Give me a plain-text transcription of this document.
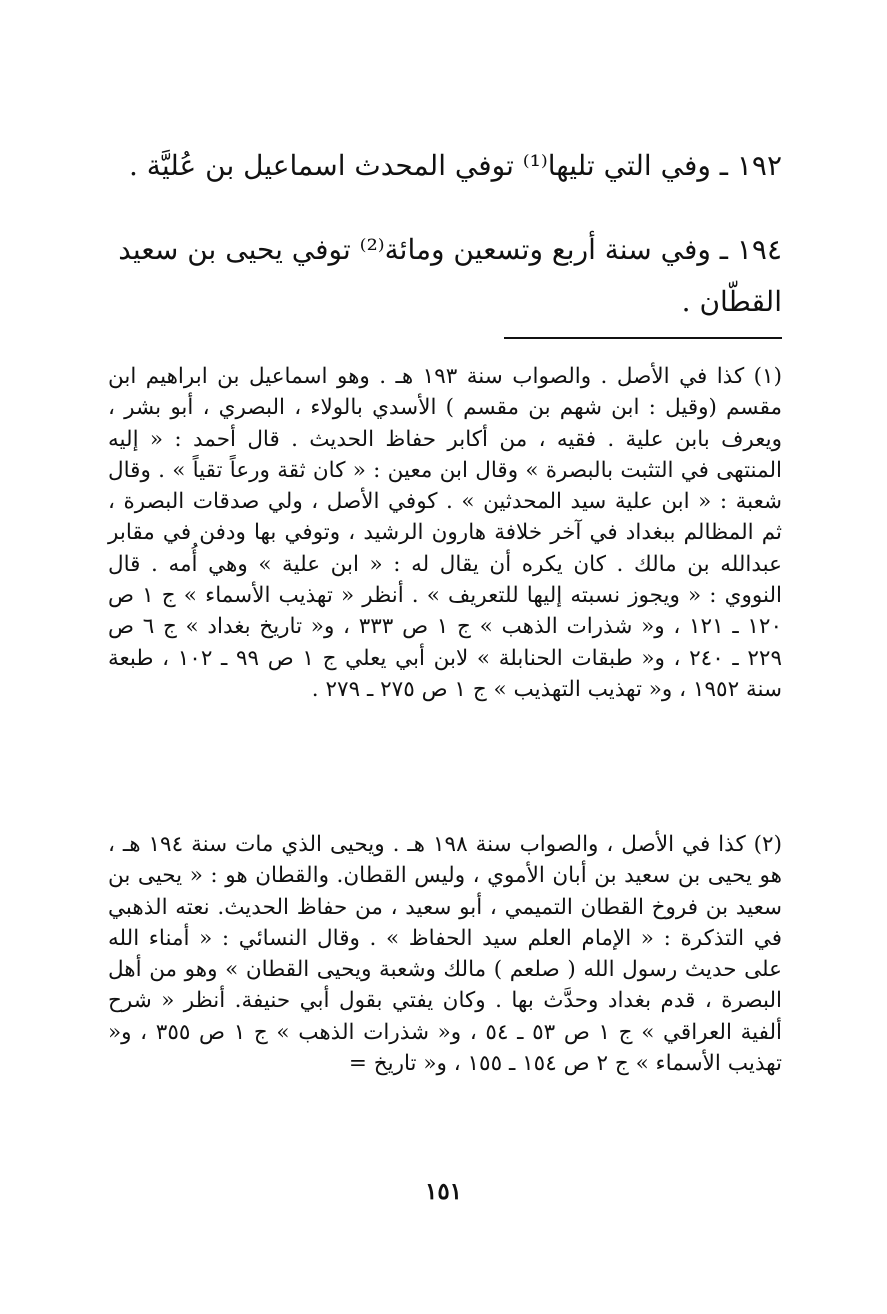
١٩٢ ـ وفي التي تليها⁽¹⁾ توفي المحدث اسماعيل بن عُليَّة .

١٩٤ ـ وفي سنة أربع وتسعين ومائة⁽²⁾ توفي يحيى بن سعيد القطّان .

(١) كذا في الأصل . والصواب سنة ١٩٣ هـ . وهو اسماعيل بن ابراهيم ابن مقسم (وقيل : ابن شهم بن مقسم ) الأسدي بالولاء ، البصري ، أبو بشر ، ويعرف بابن علية . فقيه ، من أكابر حفاظ الحديث . قال أحمد : « إليه المنتهى في التثبت بالبصرة » وقال ابن معين : « كان ثقة ورعاً تقياً » . وقال شعبة : « ابن علية سيد المحدثين » . كوفي الأصل ، ولي صدقات البصرة ، ثم المظالم ببغداد في آخر خلافة هارون الرشيد ، وتوفي بها ودفن في مقابر عبدالله بن مالك . كان يكره أن يقال له : « ابن علية » وهي أُمه . قال النووي : « ويجوز نسبته إليها للتعريف » . أنظر « تهذيب الأسماء » ج ١ ص ١٢٠ ـ ١٢١ ، و« شذرات الذهب » ج ١ ص ٣٣٣ ، و« تاريخ بغداد » ج ٦ ص ٢٢٩ ـ ٢٤٠ ، و« طبقات الحنابلة » لابن أبي يعلي ج ١ ص ٩٩ ـ ١٠٢ ، طبعة سنة ١٩٥٢ ، و« تهذيب التهذيب » ج ١ ص ٢٧٥ ـ ٢٧٩ .

(٢) كذا في الأصل ، والصواب سنة ١٩٨ هـ . ويحيى الذي مات سنة ١٩٤ هـ ، هو يحيى بن سعيد بن أبان الأموي ، وليس القطان. والقطان هو : « يحيى بن سعيد بن فروخ القطان التميمي ، أبو سعيد ، من حفاظ الحديث. نعته الذهبي في التذكرة : « الإمام العلم سيد الحفاظ » . وقال النسائي : « أمناء الله على حديث رسول الله ( صلعم ) مالك وشعبة ويحيى القطان » وهو من أهل البصرة ، قدم بغداد وحدَّث بها . وكان يفتي بقول أبي حنيفة. أنظر « شرح ألفية العراقي » ج ١ ص ٥٣ ـ ٥٤ ، و« شذرات الذهب » ج ١ ص ٣٥٥ ، و« تهذيب الأسماء » ج ٢ ص ١٥٤ ـ ١٥٥ ، و« تاريخ =

١٥١
